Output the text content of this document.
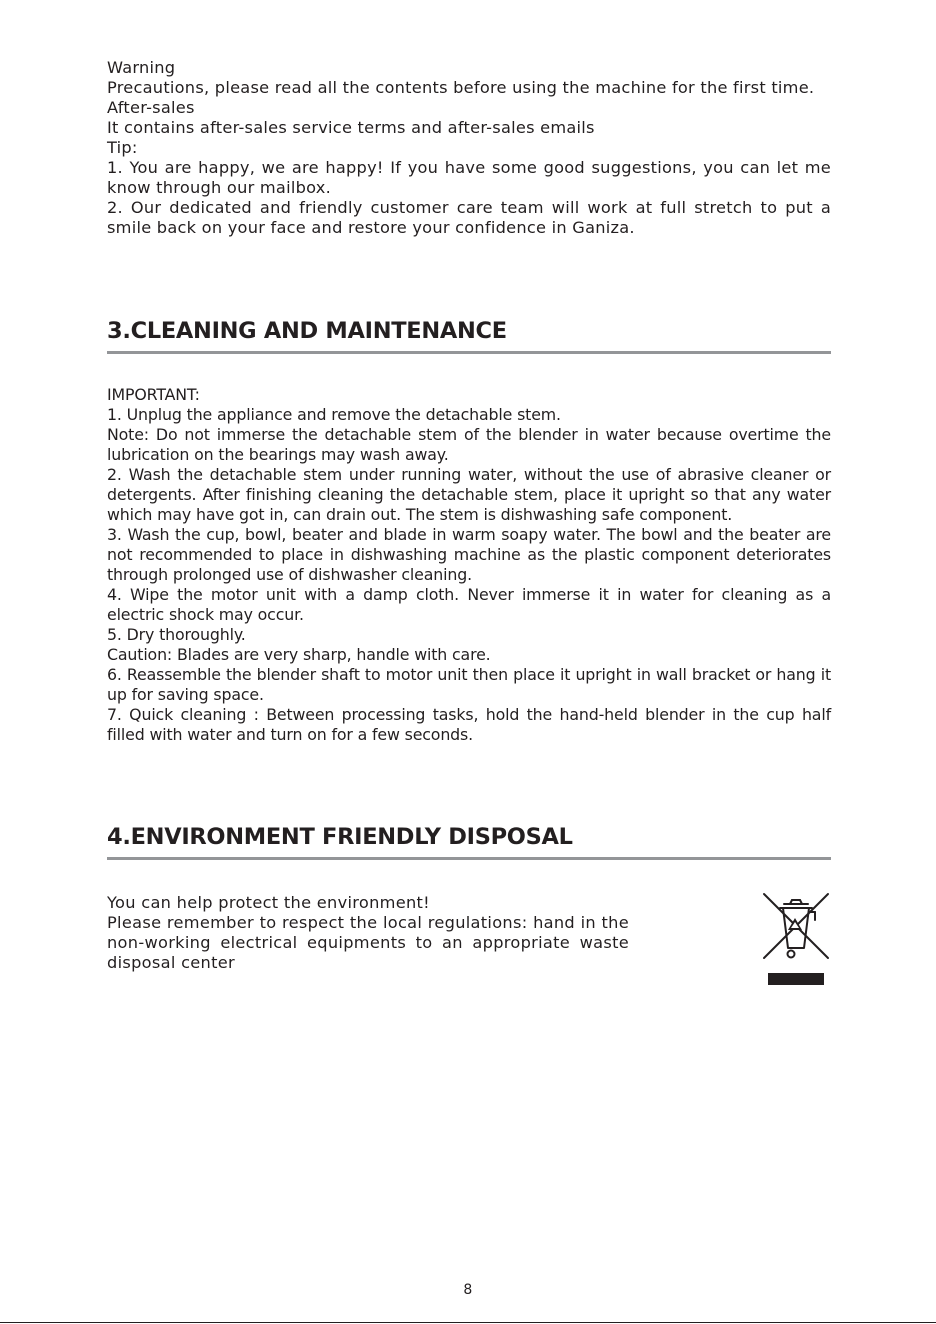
Warning

Precautions, please read all the contents before using the machine for the first time.

After-sales

It contains after-sales service terms and after-sales emails

Tip:

1. You are happy, we are happy! If you have some good suggestions, you can let me know through our mailbox.

2. Our dedicated and friendly customer care team will work at full stretch to put a smile back on your face and restore your confidence in Ganiza.

3.CLEANING AND MAINTENANCE

IMPORTANT:

1. Unplug the appliance and remove the detachable stem.

Note: Do not immerse the detachable stem of the blender in water because overtime the lubrication on the bearings may wash away.

2. Wash the detachable stem under running water, without the use of abrasive cleaner or detergents. After finishing cleaning the detachable stem, place it upright so that any water which may have got in, can drain out. The stem is dishwashing safe component.

3. Wash the cup, bowl, beater and blade in warm soapy water. The bowl and the beater are not recommended to place in dishwashing machine as the plastic component deteriorates through prolonged use of dishwasher cleaning.

4. Wipe the motor unit with a damp cloth. Never immerse it in water for cleaning as a electric shock may occur.

5. Dry thoroughly.

Caution: Blades are very sharp, handle with care.

6. Reassemble the blender shaft to motor unit then place it upright in wall bracket or hang it up for saving space.

7. Quick cleaning : Between processing tasks, hold the hand-held blender in the cup half filled with water and turn on for a few seconds.

4.ENVIRONMENT FRIENDLY DISPOSAL

You can help protect the environment!

Please remember to respect the local regulations: hand in the non-working electrical equipments to an appropriate waste disposal center

8
